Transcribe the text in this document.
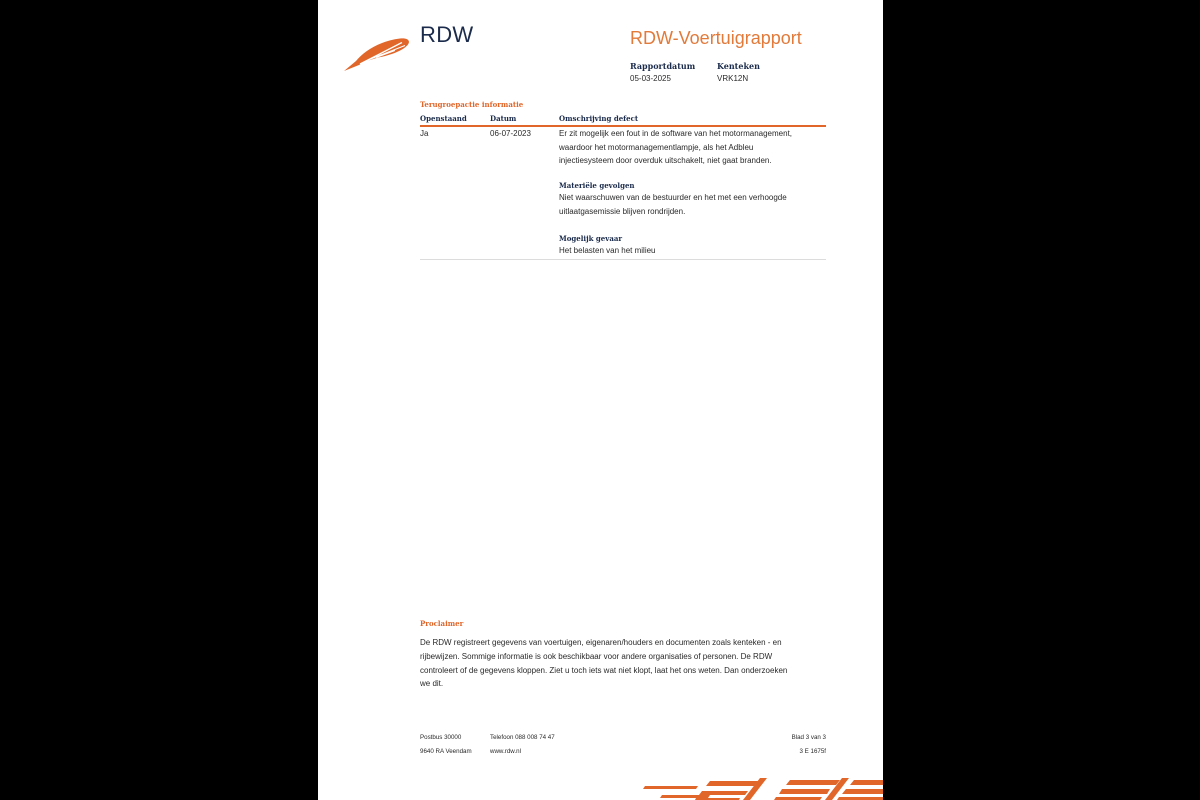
RDW	RDW-Voertuigrapport
Rapportdatum	Kenteken
05-03-2025	VRK12N
Terugroepactie informatie
Openstaand	Datum	Omschrijving defect
Ja	06-07-2023	Er zit mogelijk een fout in de software van het motormanagement,
waardoor het motormanagementlampje, als het Adbleu
injectiesysteem door overduk uitschakelt, niet gaat branden.
Materiële gevolgen
Niet waarschuwen van de bestuurder en het met een verhoogde
uitlaatgasemissie blijven rondrijden.
Mogelijk gevaar
Het belasten van het milieu
Proclaimer
De RDW registreert gegevens van voertuigen, eigenaren/houders en documenten zoals kenteken - en
rijbewijzen. Sommige informatie is ook beschikbaar voor andere organisaties of personen. De RDW
controleert of de gegevens kloppen. Ziet u toch iets wat niet klopt, laat het ons weten. Dan onderzoeken
we dit.
Postbus 30000
9640 RA Veendam
Telefoon 088 008 74 47
www.rdw.nl
Blad 3 van 3
3 E 1675f
